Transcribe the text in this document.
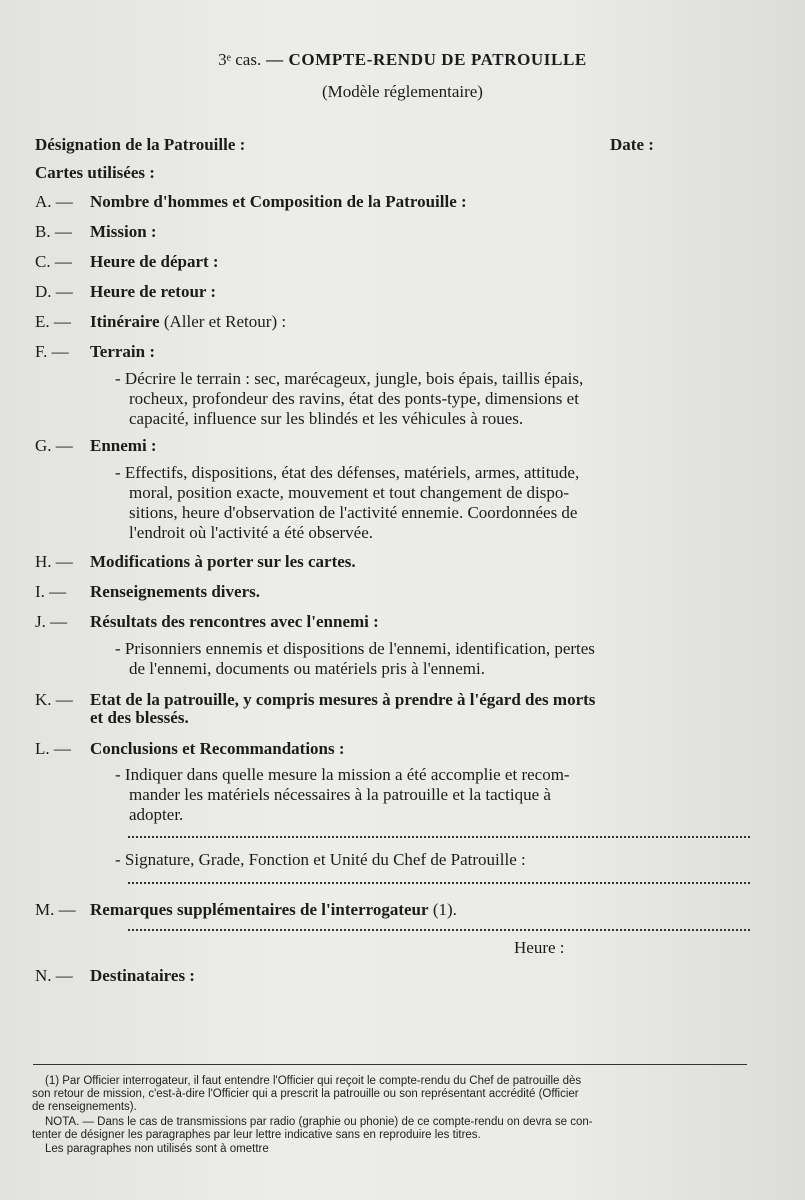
3ᵉ cas. — COMPTE-RENDU DE PATROUILLE
(Modèle réglementaire)
Désignation de la Patrouille :	Date :
Cartes utilisées :
A. — Nombre d'hommes et Composition de la Patrouille :
B. — Mission :
C. — Heure de départ :
D. — Heure de retour :
E. — Itinéraire (Aller et Retour) :
F. — Terrain :
- Décrire le terrain : sec, marécageux, jungle, bois épais, taillis épais,
rocheux, profondeur des ravins, état des ponts-type, dimensions et
capacité, influence sur les blindés et les véhicules à roues.
G. — Ennemi :
- Effectifs, dispositions, état des défenses, matériels, armes, attitude,
moral, position exacte, mouvement et tout changement de dispo-
sitions, heure d'observation de l'activité ennemie. Coordonnées de
l'endroit où l'activité a été observée.
H. — Modifications à porter sur les cartes.
I. — Renseignements divers.
J. — Résultats des rencontres avec l'ennemi :
- Prisonniers ennemis et dispositions de l'ennemi, identification, pertes
de l'ennemi, documents ou matériels pris à l'ennemi.
K. — Etat de la patrouille, y compris mesures à prendre à l'égard des morts
et des blessés.
L. — Conclusions et Recommandations :
- Indiquer dans quelle mesure la mission a été accomplie et recom-
mander les matériels nécessaires à la patrouille et la tactique à
adopter.
- Signature, Grade, Fonction et Unité du Chef de Patrouille :
M. — Remarques supplémentaires de l'interrogateur (1).
Heure :
N. — Destinataires :
(1) Par Officier interrogateur, il faut entendre l'Officier qui reçoit le compte-rendu du Chef de patrouille dès
son retour de mission, c'est-à-dire l'Officier qui a prescrit la patrouille ou son représentant accrédité (Officier
de renseignements).
NOTA. — Dans le cas de transmissions par radio (graphie ou phonie) de ce compte-rendu on devra se con-
tenter de désigner les paragraphes par leur lettre indicative sans en reproduire les titres.
Les paragraphes non utilisés sont à omettre
